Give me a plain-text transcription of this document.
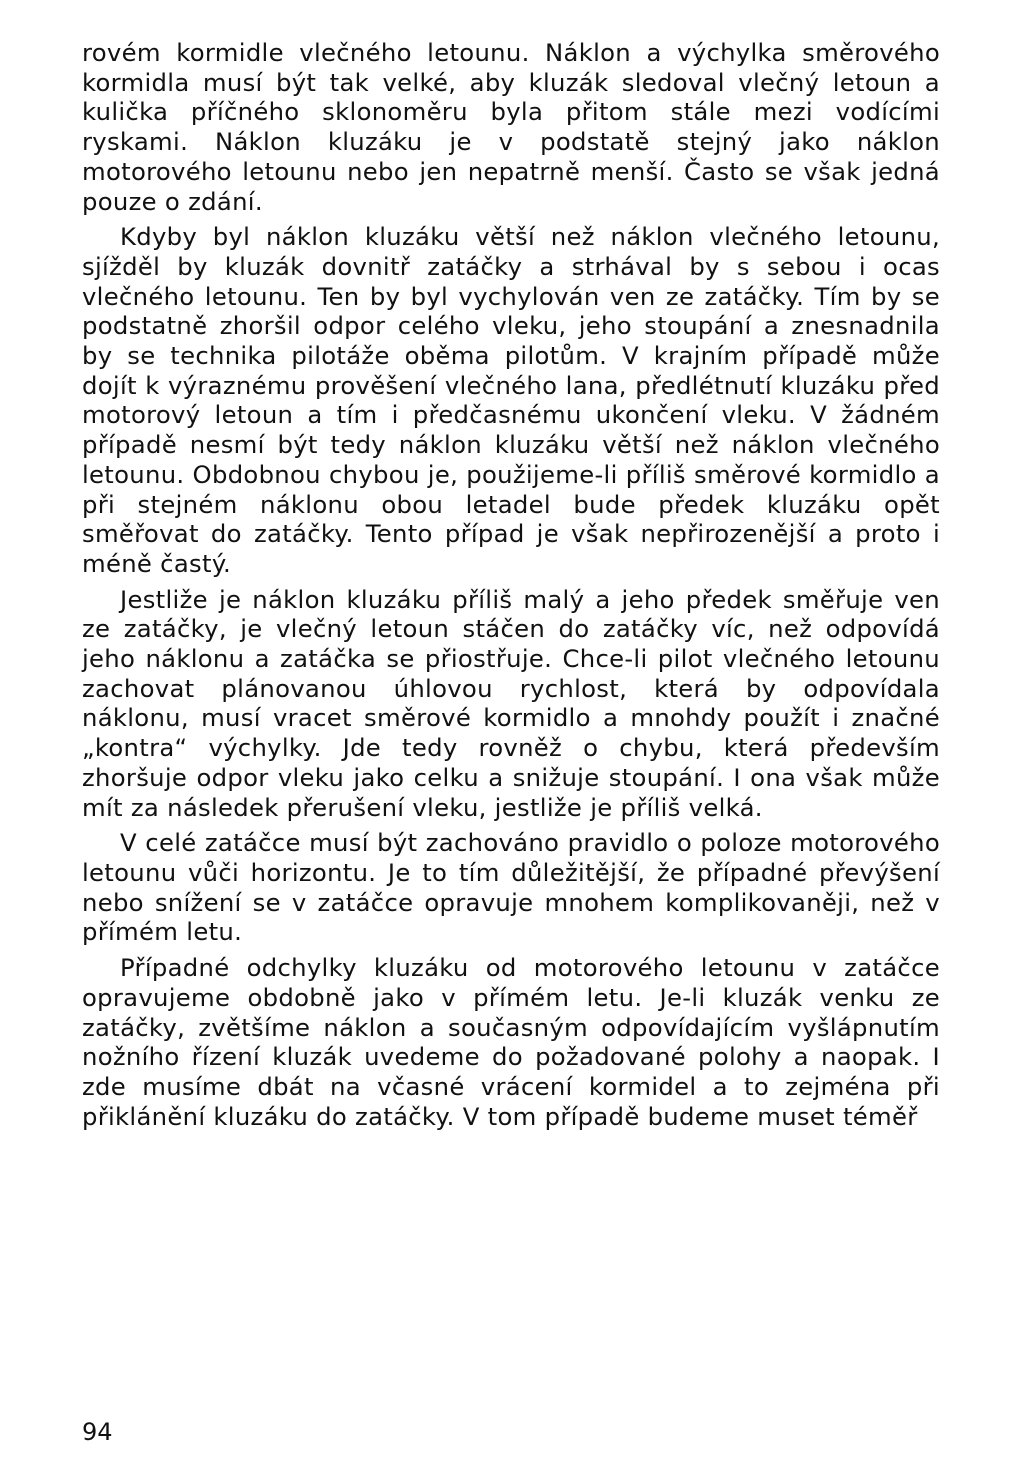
rovém kormidle vlečného letounu. Náklon a výchylka směrového kormidla musí být tak velké, aby kluzák sledoval vlečný letoun a kulička příčného sklonoměru byla přitom stále mezi vodícími ryskami. Náklon kluzáku je v podstatě stejný jako náklon motorového letounu nebo jen nepatrně menší. Často se však jedná pouze o zdání.

Kdyby byl náklon kluzáku větší než náklon vlečného letounu, sjížděl by kluzák dovnitř zatáčky a strhával by s sebou i ocas vlečného letounu. Ten by byl vychylován ven ze zatáčky. Tím by se podstatně zhoršil odpor celého vleku, jeho stoupání a znesnadnila by se technika pilotáže oběma pilotům. V krajním případě může dojít k výraznému prověšení vlečného lana, předlétnutí kluzáku před motorový letoun a tím i předčasnému ukončení vleku. V žádném případě nesmí být tedy náklon kluzáku větší než náklon vlečného letounu. Obdobnou chybou je, použijeme-li příliš směrové kormidlo a při stejném náklonu obou letadel bude předek kluzáku opět směřovat do zatáčky. Tento případ je však nepřirozenější a proto i méně častý.

Jestliže je náklon kluzáku příliš malý a jeho předek směřuje ven ze zatáčky, je vlečný letoun stáčen do zatáčky víc, než odpovídá jeho náklonu a zatáčka se přiostřuje. Chce-li pilot vlečného letounu zachovat plánovanou úhlovou rychlost, která by odpovídala náklonu, musí vracet směrové kormidlo a mnohdy použít i značné „kontra“ výchylky. Jde tedy rovněž o chybu, která především zhoršuje odpor vleku jako celku a snižuje stoupání. I ona však může mít za následek přerušení vleku, jestliže je příliš velká.

V celé zatáčce musí být zachováno pravidlo o poloze motorového letounu vůči horizontu. Je to tím důležitější, že případné převýšení nebo snížení se v zatáčce opravuje mnohem komplikovaněji, než v přímém letu.

Případné odchylky kluzáku od motorového letounu v zatáčce opravujeme obdobně jako v přímém letu. Je-li kluzák venku ze zatáčky, zvětšíme náklon a současným odpovídajícím vyšlápnutím nožního řízení kluzák uvedeme do požadované polohy a naopak. I zde musíme dbát na včasné vrácení kormidel a to zejména při přiklánění kluzáku do zatáčky. V tom případě budeme muset téměř

94
